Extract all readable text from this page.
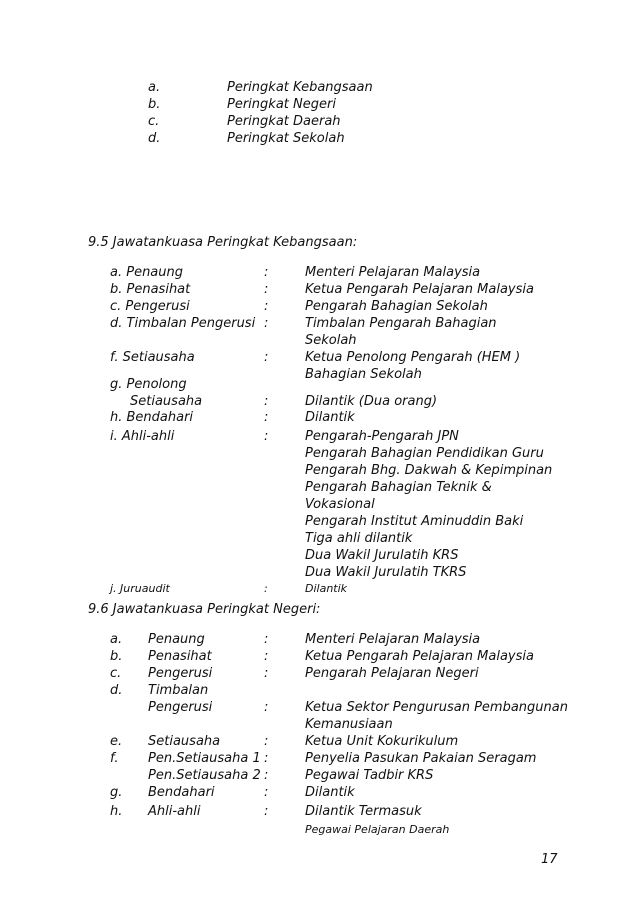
a.	Peringkat Kebangsaan
b.	Peringkat Negeri
c.	Peringkat Daerah
d.	Peringkat Sekolah
9.5 Jawatankuasa Peringkat Kebangsaan:
a. Penaung	:	Menteri Pelajaran Malaysia
b. Penasihat	:	Ketua Pengarah Pelajaran Malaysia
c. Pengerusi	:	Pengarah Bahagian Sekolah
d. Timbalan Pengerusi :	Timbalan Pengarah Bahagian
Sekolah
f. Setiausaha	:	Ketua Penolong Pengarah (HEM )
Bahagian Sekolah
g. Penolong
Setiausaha	:	Dilantik (Dua orang)
h. Bendahari	:	Dilantik
i. Ahli-ahli	:	Pengarah-Pengarah JPN
Pengarah Bahagian Pendidikan Guru
Pengarah Bhg. Dakwah & Kepimpinan
Pengarah Bahagian Teknik &
Vokasional
Pengarah Institut Aminuddin Baki
Tiga ahli dilantik
Dua Wakil Jurulatih KRS
Dua Wakil Jurulatih TKRS
j. Juruaudit	:	Dilantik
9.6 Jawatankuasa Peringkat Negeri:
a. Penaung	:	Menteri Pelajaran Malaysia
b. Penasihat	:	Ketua Pengarah Pelajaran Malaysia
c. Pengerusi	:	Pengarah Pelajaran Negeri
d. Timbalan
Pengerusi	:	Ketua Sektor Pengurusan Pembangunan
Kemanusiaan
e. Setiausaha	:	Ketua Unit Kokurikulum
f. Pen.Setiausaha 1 :	Penyelia Pasukan Pakaian Seragam
Pen.Setiausaha 2 :	Pegawai Tadbir KRS
g. Bendahari	:	Dilantik
h. Ahli-ahli	:	Dilantik Termasuk
Pegawai Pelajaran Daerah
17
